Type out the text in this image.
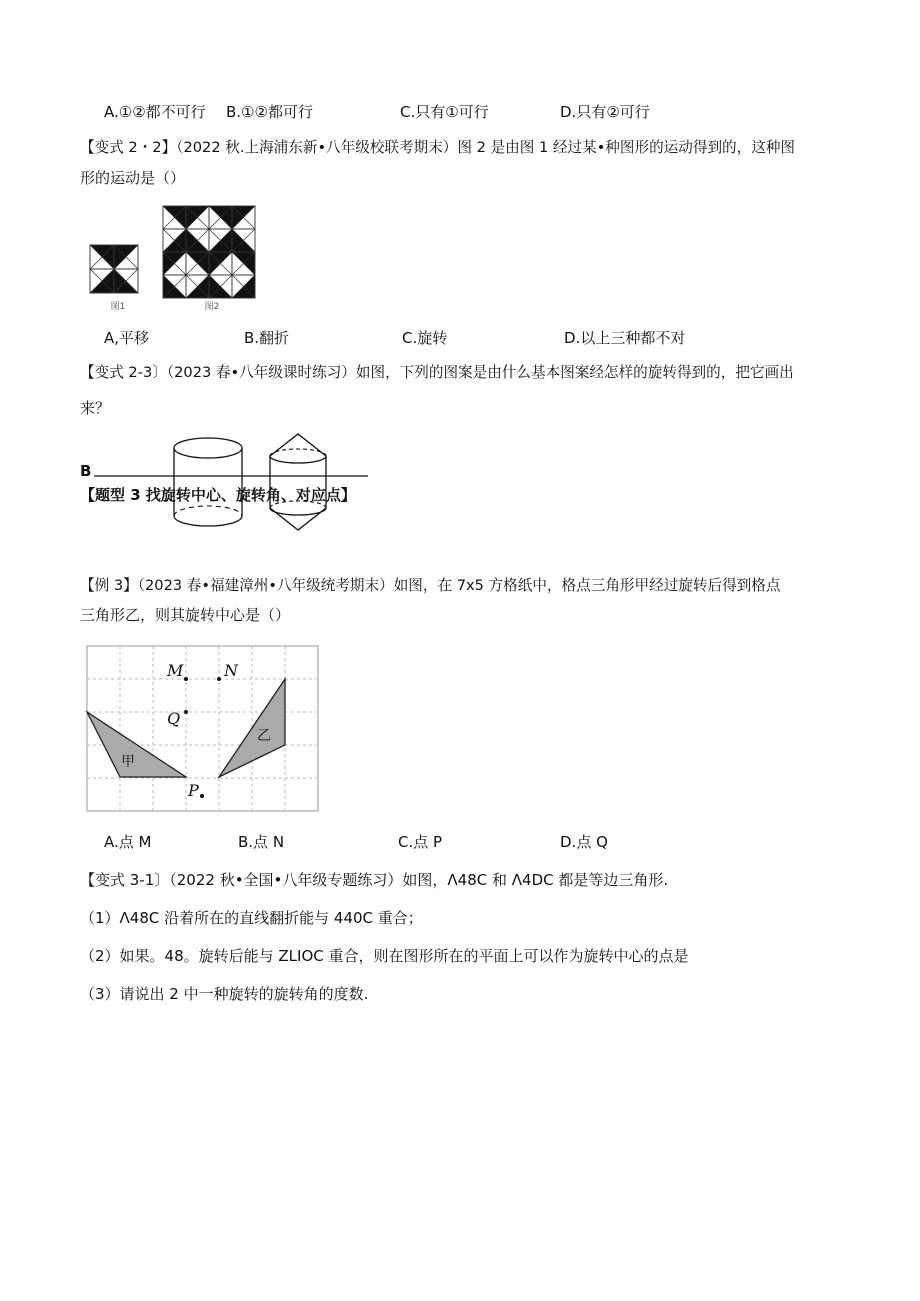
A.①②都不可行 B.①②都可行	C.只有①可行	D.只有②可行
【变式 2・2】（2022 秋.上海浦东新•八年级校联考期末）图 2 是由图 1 经过某•种图形的运动得到的，这种图
形的运动是（）
图1	图2
A,平移	B.翻折	C.旋转	D.以上三种都不对
【变式 2-3〕（2023 春•八年级课时练习）如图，下列的图案是由什么基本图案经怎样的旋转得到的，把它画出
来？
B
【题型 3 找旋转中心、旋转角、对应点】
【例 3】（2023 春•福建漳州•八年级统考期末）如图，在 7x5 方格纸中，格点三角形甲经过旋转后得到格点
三角形乙，则其旋转中心是（）
甲
乙
M	N
Q
P
A.点 M	B.点 N	C.点 P	D.点 Q
【变式 3-1〕（2022 秋•全国•八年级专题练习）如图，Λ48C 和 Λ4DC 都是等边三角形.
（1）Λ48C 沿着所在的直线翻折能与 440C 重合；
（2）如果。48。旋转后能与 ZLIOC 重合，则在图形所在的平面上可以作为旋转中心的点是
（3）请说出 2 中一种旋转的旋转角的度数.
